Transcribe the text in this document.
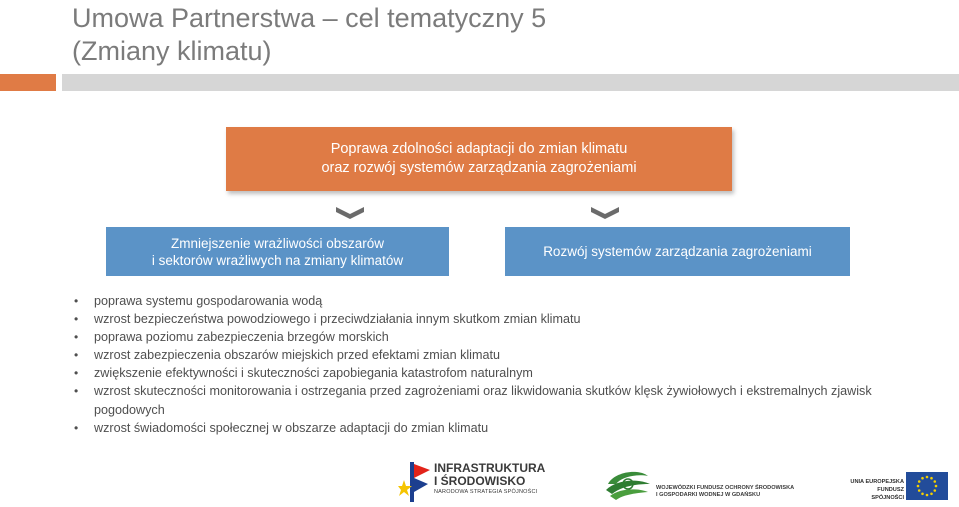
Umowa Partnerstwa – cel tematyczny 5
(Zmiany klimatu)
Poprawa zdolności adaptacji do zmian klimatu
oraz rozwój systemów zarządzania zagrożeniami
Zmniejszenie wrażliwości obszarów
i sektorów wrażliwych na zmiany klimatów
Rozwój systemów zarządzania zagrożeniami
• poprawa systemu gospodarowania wodą
• wzrost bezpieczeństwa powodziowego i przeciwdziałania innym skutkom zmian klimatu
• poprawa poziomu zabezpieczenia brzegów morskich
• wzrost zabezpieczenia obszarów miejskich przed efektami zmian klimatu
• zwiększenie efektywności i skuteczności zapobiegania katastrofom naturalnym
• wzrost skuteczności monitorowania i ostrzegania przed zagrożeniami oraz likwidowania skutków klęsk żywiołowych i ekstremalnych zjawisk pogodowych
• wzrost świadomości społecznej w obszarze adaptacji do zmian klimatu
INFRASTRUKTURA
I ŚRODOWISKO
NARODOWA STRATEGIA SPÓJNOŚCI
WOJEWÓDZKI FUNDUSZ OCHRONY ŚRODOWISKA
I GOSPODARKI WODNEJ W GDAŃSKU
UNIA EUROPEJSKA
FUNDUSZ SPÓJNOŚCI
